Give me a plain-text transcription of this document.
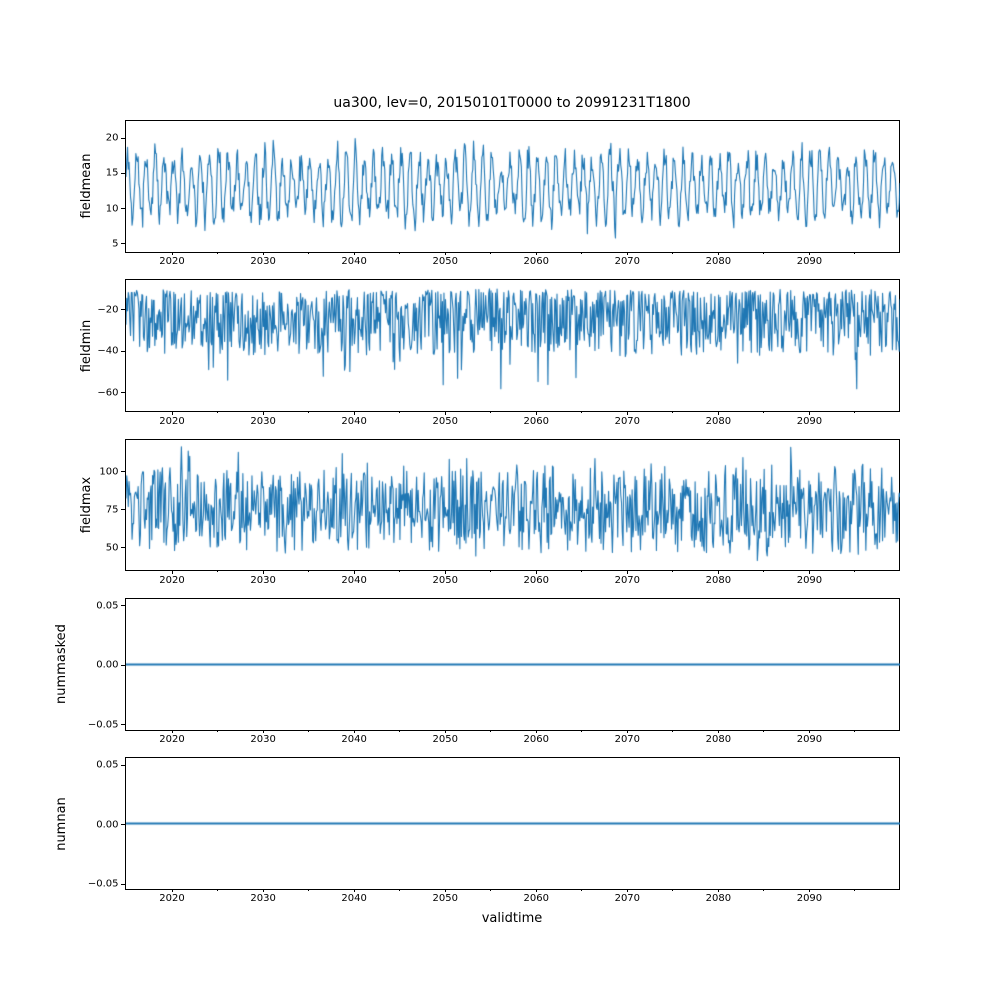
ua300, lev=0, 20150101T0000 to 20991231T1800
5
10
15
20
2020	2030	2040	2050	2060	2070	2080	2090
fieldmean
−60
−40
−20
2020	2030	2040	2050	2060	2070	2080	2090
fieldmin
50
75
100
2020	2030	2040	2050	2060	2070	2080	2090
fieldmax
−0.05
0.00
0.05
2020	2030	2040	2050	2060	2070	2080	2090
nummasked
−0.05
0.00
0.05
2020	2030	2040	2050	2060	2070	2080	2090
numnan
validtime
